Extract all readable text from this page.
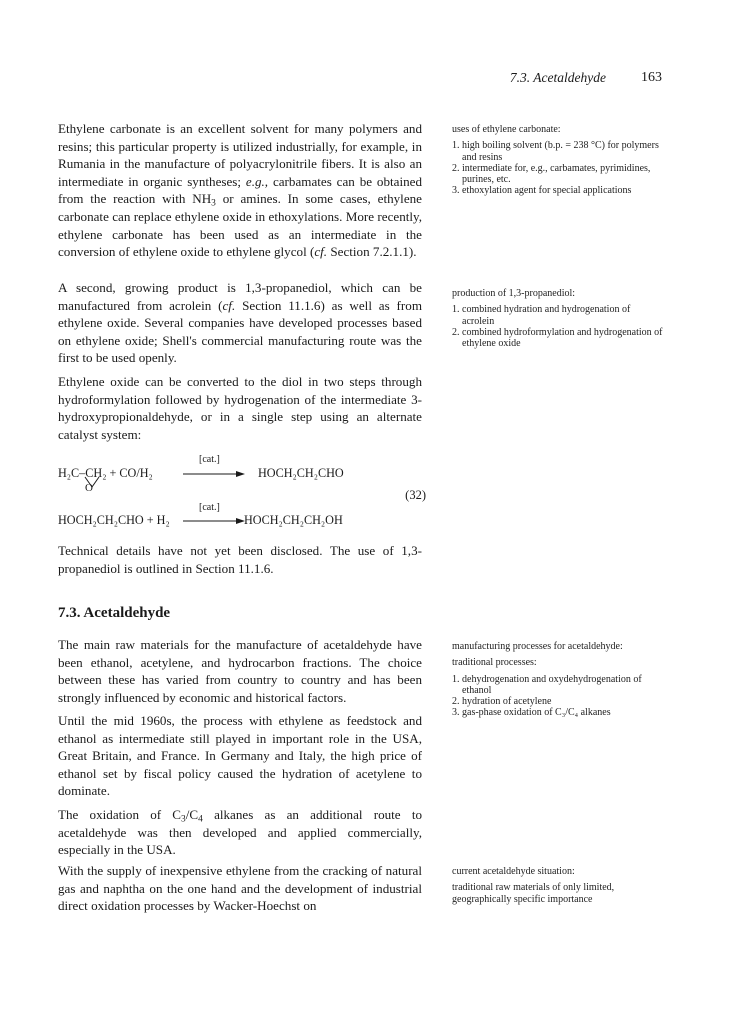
7.3. Acetaldehyde	163

Ethylene carbonate is an excellent solvent for many polymers and resins; this particular property is utilized industrially, for example, in Rumania in the manufacture of polyacrylonitrile fibers. It is also an intermediate in organic syntheses; e.g., carbamates can be obtained from the reaction with $NH_3$ or amines. In some cases, ethylene carbonate can replace ethylene oxide in ethoxylations. More recently, ethylene carbonate has been used as an intermediate in the conversion of ethylene oxide to ethylene glycol (cf. Section 7.2.1.1).

A second, growing product is 1,3-propanediol, which can be manufactured from acrolein (cf. Section 11.1.6) as well as from ethylene oxide. Several companies have developed processes based on ethylene oxide; Shell's commercial manufacturing route was the first to be used openly.

Ethylene oxide can be converted to the diol in two steps through hydroformylation followed by hydrogenation of the intermediate 3-hydroxypropionaldehyde, or in a single step using an alternate catalyst system:

H₂C–CH₂ + CO/H₂
O
[cat.]
→ HOCH₂CH₂CHO
(32)
[cat.]
HOCH₂CH₂CHO + H₂	HOCH₂CH₂CH₂OH

Technical details have not yet been disclosed. The use of 1,3-propanediol is outlined in Section 11.1.6.

7.3. Acetaldehyde

The main raw materials for the manufacture of acetaldehyde have been ethanol, acetylene, and hydrocarbon fractions. The choice between these has varied from country to country and has been strongly influenced by economic and historical factors.

Until the mid 1960s, the process with ethylene as feedstock and ethanol as intermediate still played in important role in the USA, Great Britain, and France. In Germany and Italy, the high price of ethanol set by fiscal policy caused the hydration of acetylene to dominate.

The oxidation of $C_3/C_4$ alkanes as an additional route to acetaldehyde was then developed and applied commercially, especially in the USA.

With the supply of inexpensive ethylene from the cracking of natural gas and naphtha on the one hand and the development of industrial direct oxidation processes by Wacker-Hoechst on

uses of ethylene carbonate:

1. high boiling solvent (b.p. = 238 °C) for polymers and resins
2. intermediate for, e.g., carbamates, pyrimidines, purines, etc.
3. ethoxylation agent for special applications

production of 1,3-propanediol:

1. combined hydration and hydrogenation of acrolein
2. combined hydroformylation and hydrogenation of ethylene oxide

manufacturing processes for acetaldehyde:

traditional processes:

1. dehydrogenation and oxydehydrogenation of ethanol
2. hydration of acetylene
3. gas-phase oxidation of C₃/C₄ alkanes

current acetaldehyde situation:

traditional raw materials of only limited, geographically specific importance
